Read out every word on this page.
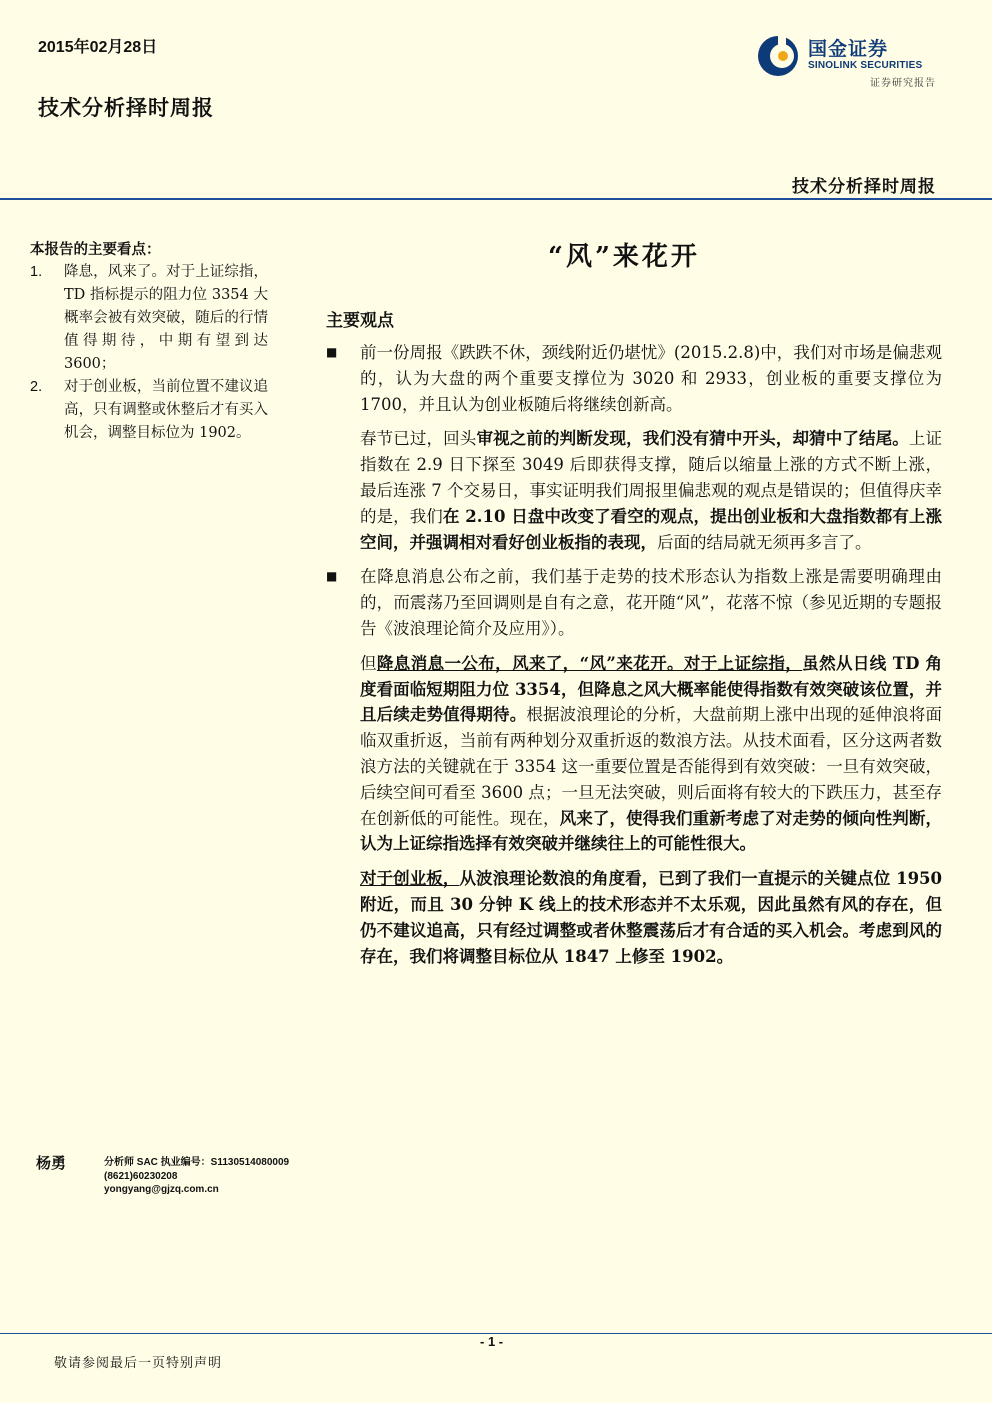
2015年02月28日
技术分析择时周报
国金证券
SINOLINK SECURITIES
证券研究报告
技术分析择时周报
本报告的主要看点：
1. 降息，风来了。对于上证综指，TD 指标提示的阻力位 3354 大概率会被有效突破，随后的行情值得期待，中期有望到达 3600；
2. 对于创业板，当前位置不建议追高，只有调整或休整后才有买入机会，调整目标位为 1902。
“风”来花开
主要观点

■ 前一份周报《跌跌不休，颈线附近仍堪忧》(2015.2.8)中，我们对市场是偏悲观的，认为大盘的两个重要支撑位为 3020 和 2933，创业板的重要支撑位为 1700，并且认为创业板随后将继续创新高。

春节已过，回头审视之前的判断发现，我们没有猜中开头，却猜中了结尾。上证指数在 2.9 日下探至 3049 后即获得支撑，随后以缩量上涨的方式不断上涨，最后连涨 7 个交易日，事实证明我们周报里偏悲观的观点是错误的；但值得庆幸的是，我们在 2.10 日盘中改变了看空的观点，提出创业板和大盘指数都有上涨空间，并强调相对看好创业板指的表现，后面的结局就无须再多言了。

■ 在降息消息公布之前，我们基于走势的技术形态认为指数上涨是需要明确理由的，而震荡乃至回调则是自有之意，花开随“风”，花落不惊（参见近期的专题报告《波浪理论简介及应用》）。

但降息消息一公布，风来了，“风”来花开。对于上证综指，虽然从日线 TD 角度看面临短期阻力位 3354，但降息之风大概率能使得指数有效突破该位置，并且后续走势值得期待。根据波浪理论的分析，大盘前期上涨中出现的延伸浪将面临双重折返，当前有两种划分双重折返的数浪方法。从技术面看，区分这两者数浪方法的关键就在于 3354 这一重要位置是否能得到有效突破：一旦有效突破，后续空间可看至 3600 点；一旦无法突破，则后面将有较大的下跌压力，甚至存在创新低的可能性。现在，风来了，使得我们重新考虑了对走势的倾向性判断，认为上证综指选择有效突破并继续往上的可能性很大。

对于创业板，从波浪理论数浪的角度看，已到了我们一直提示的关键点位 1950 附近，而且 30 分钟 K 线上的技术形态并不太乐观，因此虽然有风的存在，但仍不建议追高，只有经过调整或者休整震荡后才有合适的买入机会。考虑到风的存在，我们将调整目标位从 1847 上修至 1902。

杨勇	分析师 SAC 执业编号：S1130514080009
(8621)60230208
yongyang@gjzq.com.cn
- 1 -
敬请参阅最后一页特别声明
